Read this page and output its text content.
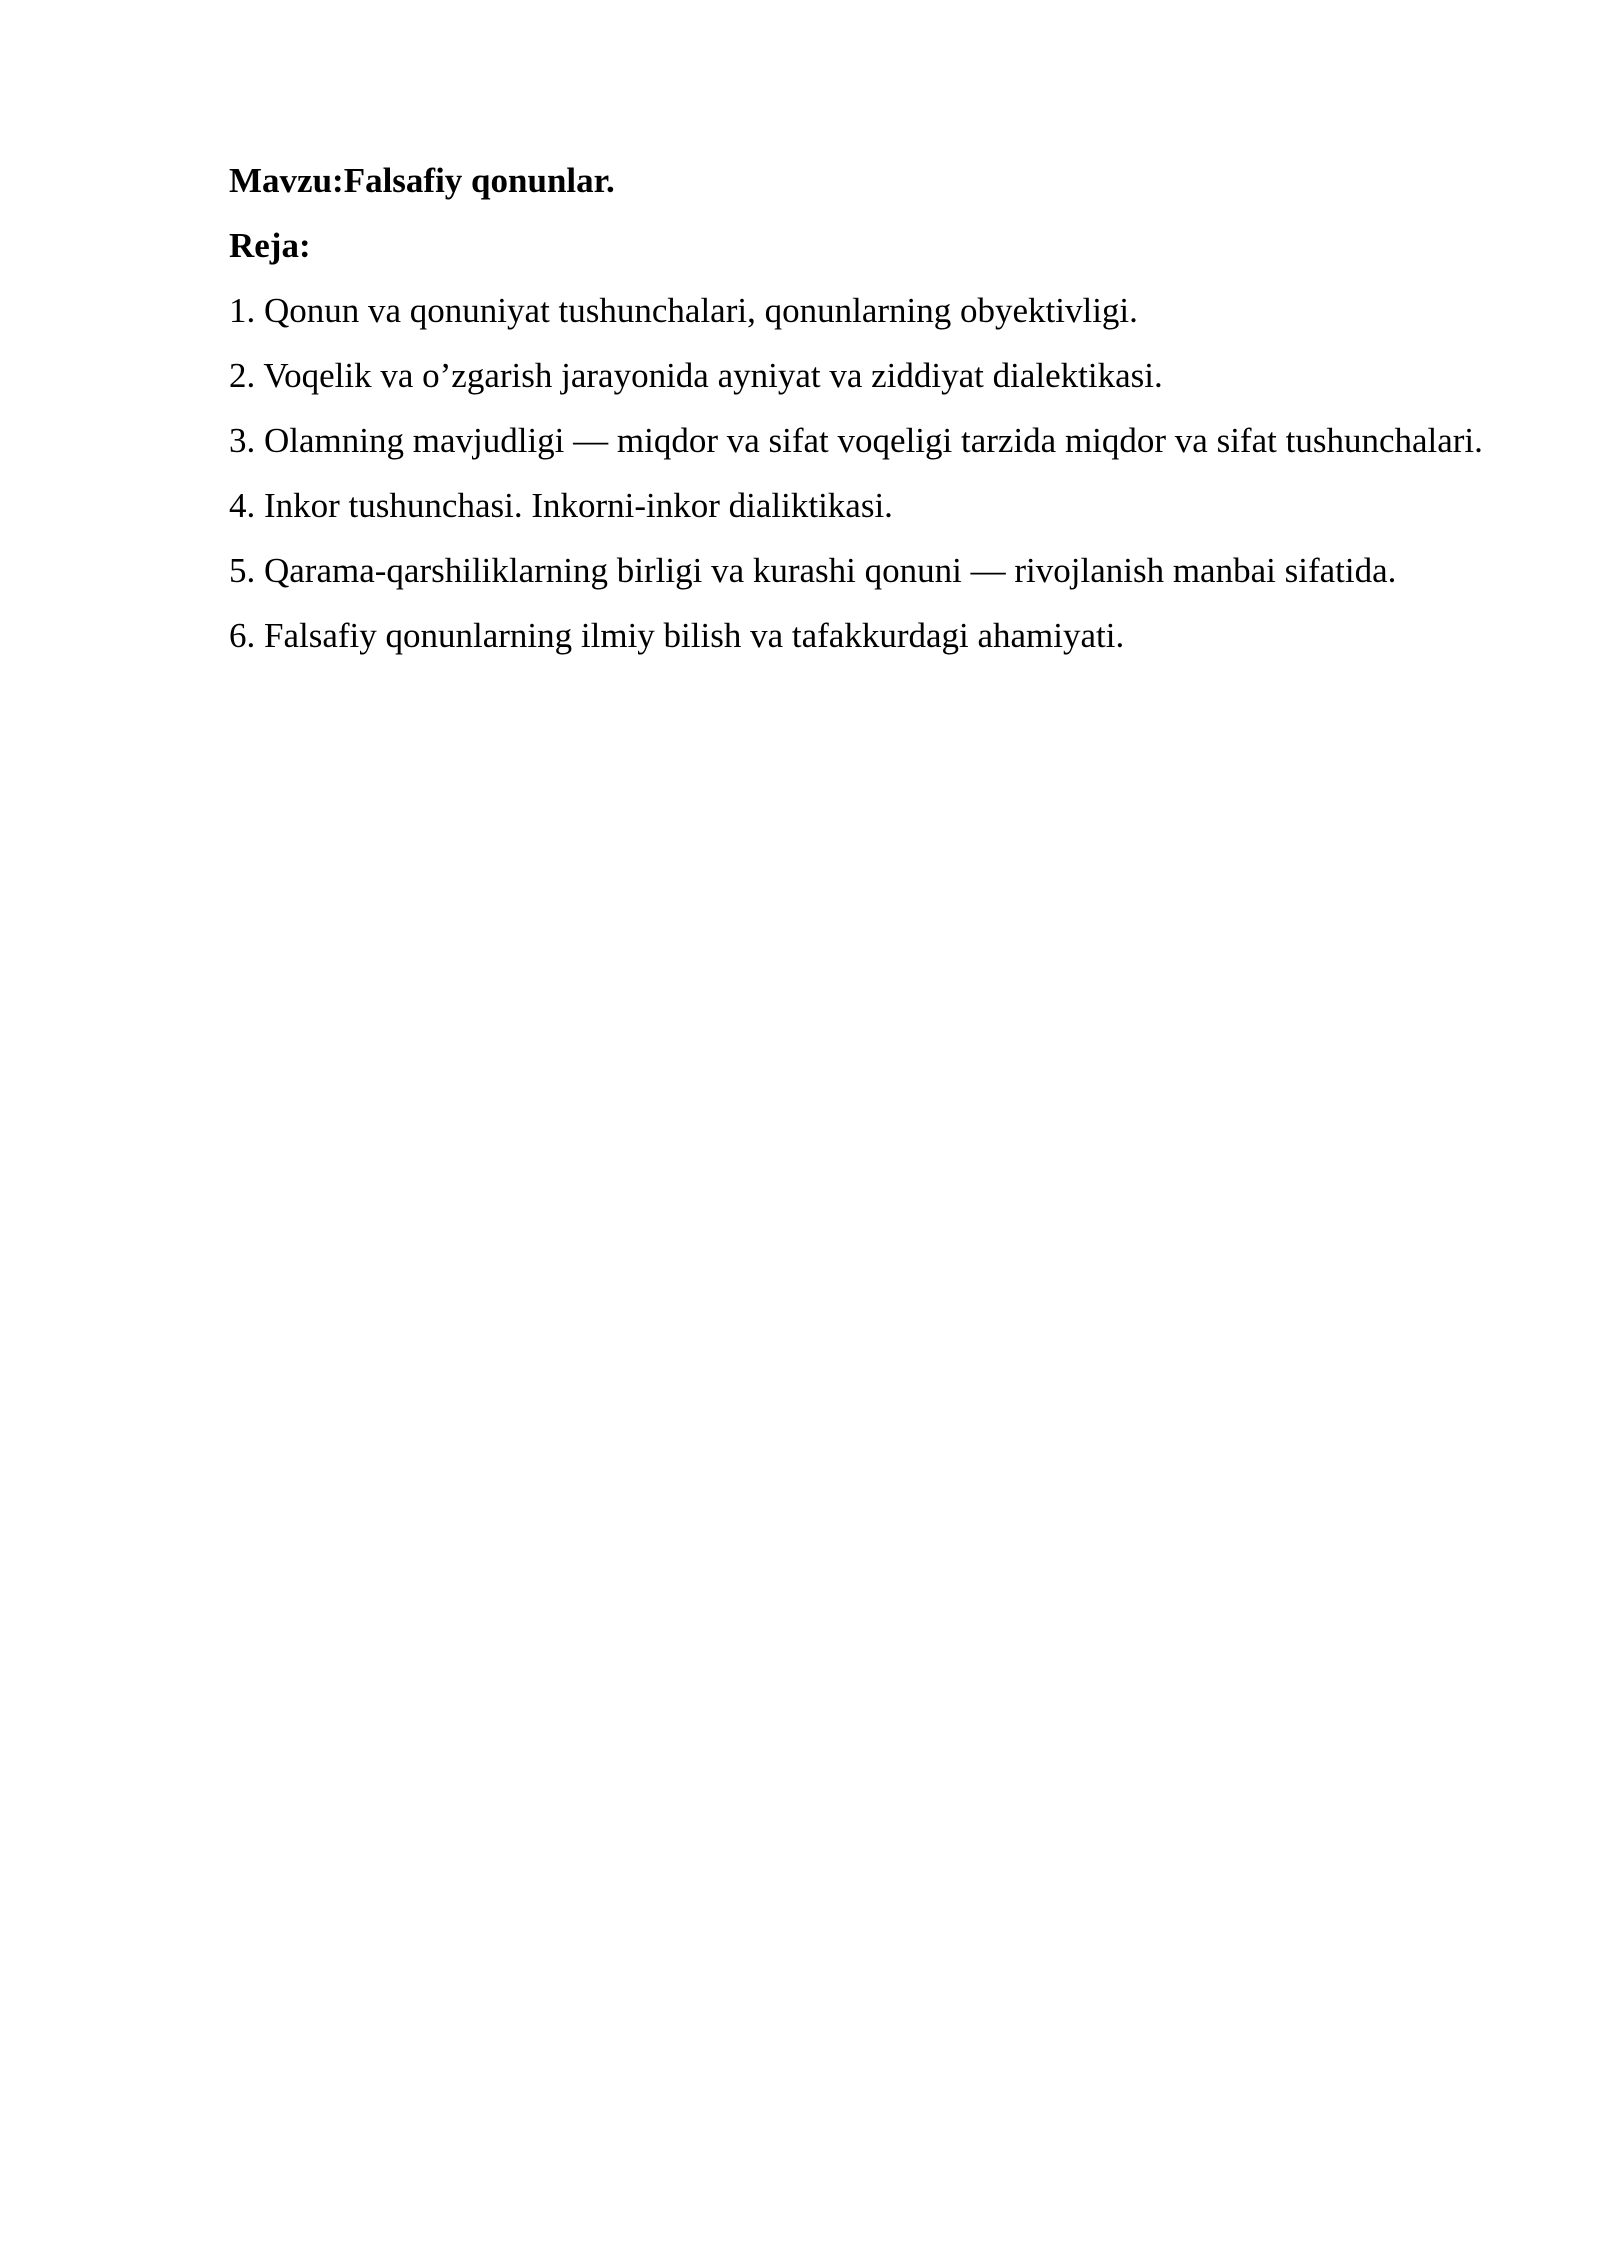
Mavzu:Falsafiy qonunlar.

Reja:

1. Qonun va qonuniyat tushunchalari, qonunlarning obyektivligi.

2. Voqelik va o’zgarish jarayonida ayniyat va ziddiyat dialektikasi.

3. Olamning mavjudligi — miqdor va sifat voqeligi tarzida miqdor va sifat tushunchalari.

4. Inkor tushunchasi. Inkorni-inkor dialiktikasi.

5. Qarama-qarshiliklarning birligi va kurashi qonuni — rivojlanish manbai sifatida.

6. Falsafiy qonunlarning ilmiy bilish va tafakkurdagi ahamiyati.
